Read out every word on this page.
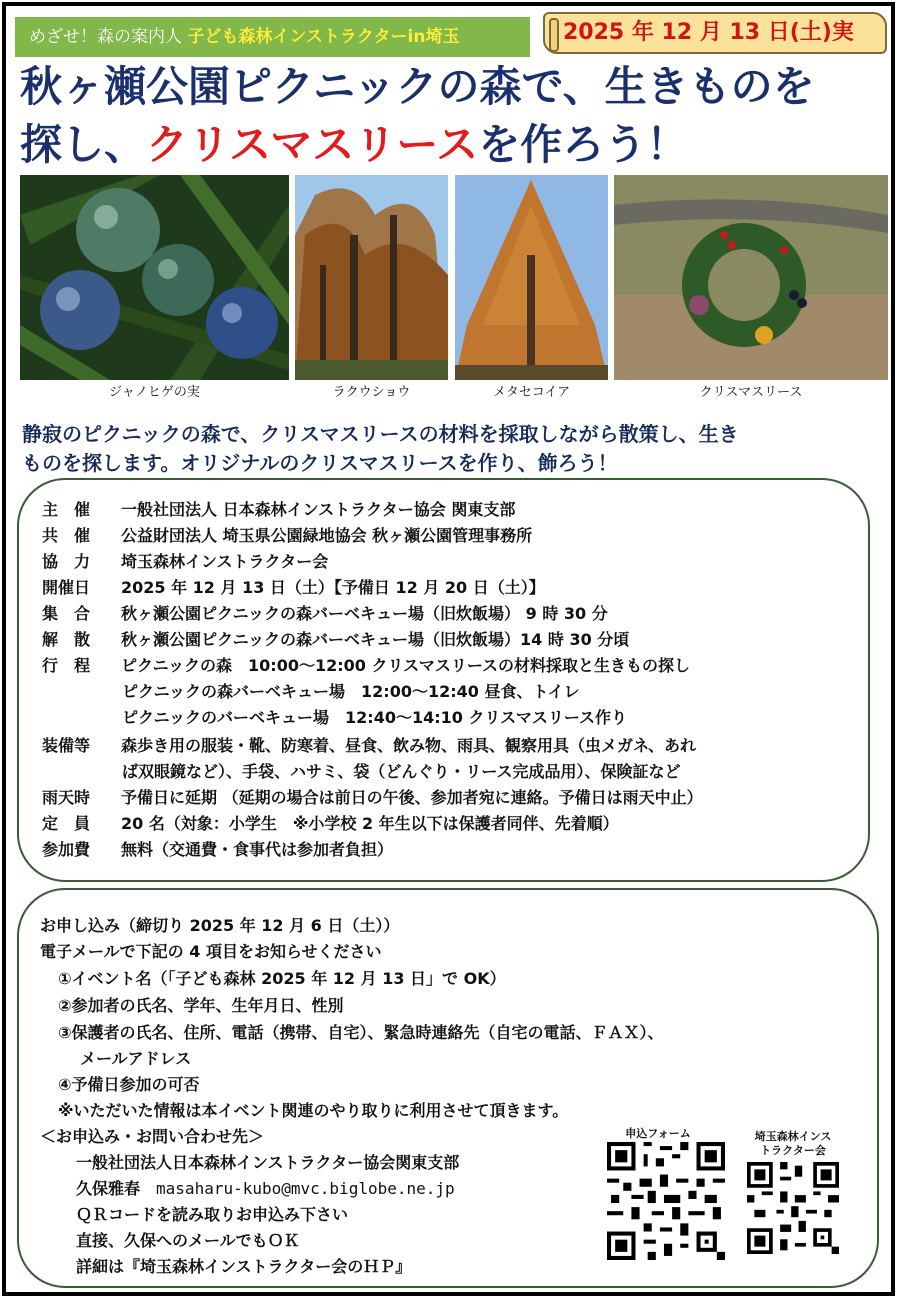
めざせ！森の案内人 子ども森林インストラクターin埼玉	2025 年 12 月 13 日(土)実
秋ヶ瀬公園ピクニックの森で、生きものを
探し、クリスマスリースを作ろう！
ジャノヒゲの実	ラクウショウ	メタセコイア	クリスマスリース
静寂のピクニックの森で、クリスマスリースの材料を採取しながら散策し、生き
ものを探します。オリジナルのクリスマスリースを作り、飾ろう！
主　催 一般社団法人 日本森林インストラクター協会 関東支部
共　催 公益財団法人 埼玉県公園緑地協会 秋ヶ瀬公園管理事務所
協　力 埼玉森林インストラクター会
開催日 2025 年 12 月 13 日（土）【予備日 12 月 20 日（土）】
集　合 秋ヶ瀬公園ピクニックの森バーベキュー場（旧炊飯場） 9 時 30 分
解　散 秋ヶ瀬公園ピクニックの森バーベキュー場（旧炊飯場）14 時 30 分頃
行　程 ピクニックの森　10:00～12:00 クリスマスリースの材料採取と生きもの探し
ピクニックの森バーベキュー場　12:00～12:40 昼食、トイレ
ピクニックのバーベキュー場　12:40～14:10 クリスマスリース作り
装備等 森歩き用の服装・靴、防寒着、昼食、飲み物、雨具、観察用具（虫メガネ、あれ
ば双眼鏡など）、手袋、ハサミ、袋（どんぐり・リース完成品用）、保険証など
雨天時 予備日に延期 （延期の場合は前日の午後、参加者宛に連絡。予備日は雨天中止）
定　員 20 名（対象：小学生　※小学校 2 年生以下は保護者同伴、先着順）
参加費 無料（交通費・食事代は参加者負担）
お申し込み（締切り 2025 年 12 月 6 日（土））
電子メールで下記の 4 項目をお知らせください
①イベント名（「子ども森林 2025 年 12 月 13 日」で OK）
②参加者の氏名、学年、生年月日、性別
③保護者の氏名、住所、電話（携帯、自宅）、緊急時連絡先（自宅の電話、ＦＡＸ）、
メールアドレス
④予備日参加の可否
※いただいた情報は本イベント関連のやり取りに利用させて頂きます。
＜お申込み・お問い合わせ先＞
一般社団法人日本森林インストラクター協会関東支部
久保雅春　 masaharu-kubo@mvc.biglobe.ne.jp
ＱＲコードを読み取りお申込み下さい
直接、久保へのメールでもＯＫ
詳細は『埼玉森林インストラクター会のＨＰ』
申込フォーム	埼玉森林インス
トラクター会
